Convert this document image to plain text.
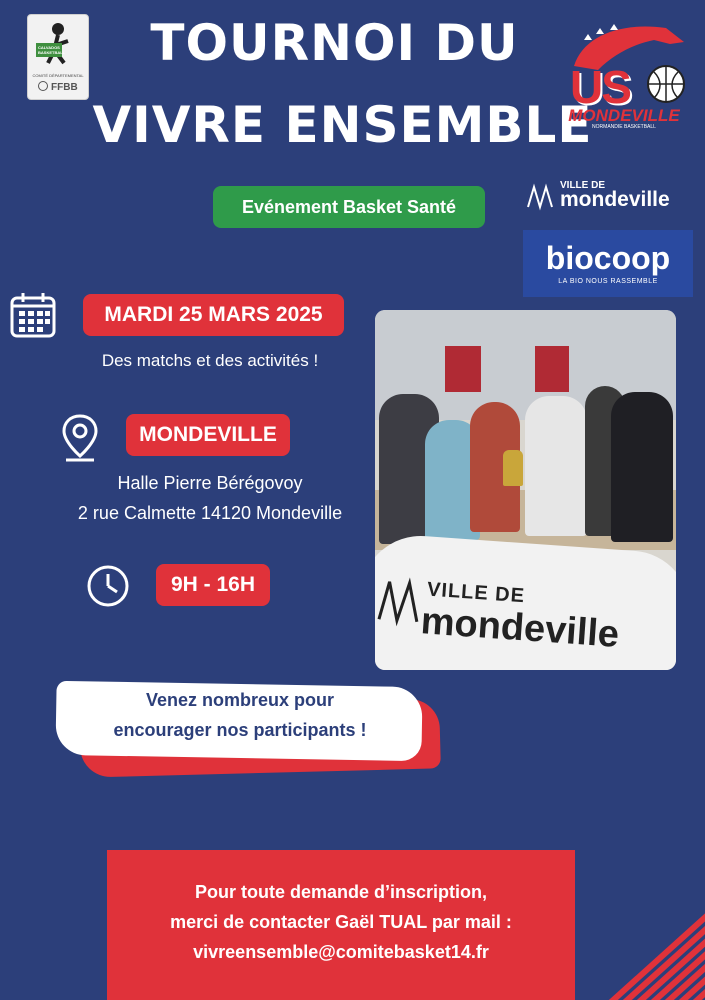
CALVADOS BASKETBALL
COMITÉ DÉPARTEMENTAL
FFBB
TOURNOI DU
VIVRE ENSEMBLE
US
MONDEVILLE
NORMANDIE BASKETBALL
Evénement Basket Santé
VILLE DE
mondeville
biocoop
LA BIO NOUS RASSEMBLE
MARDI 25 MARS 2025
Des matchs et des activités !
MONDEVILLE
Halle Pierre Bérégovoy
2 rue Calmette 14120 Mondeville
9H - 16H	VILLE DE
mondeville
Venez nombreux pour
encourager nos participants !
Pour toute demande d’inscription,
merci de contacter Gaël TUAL par mail :
vivreensemble@comitebasket14.fr
